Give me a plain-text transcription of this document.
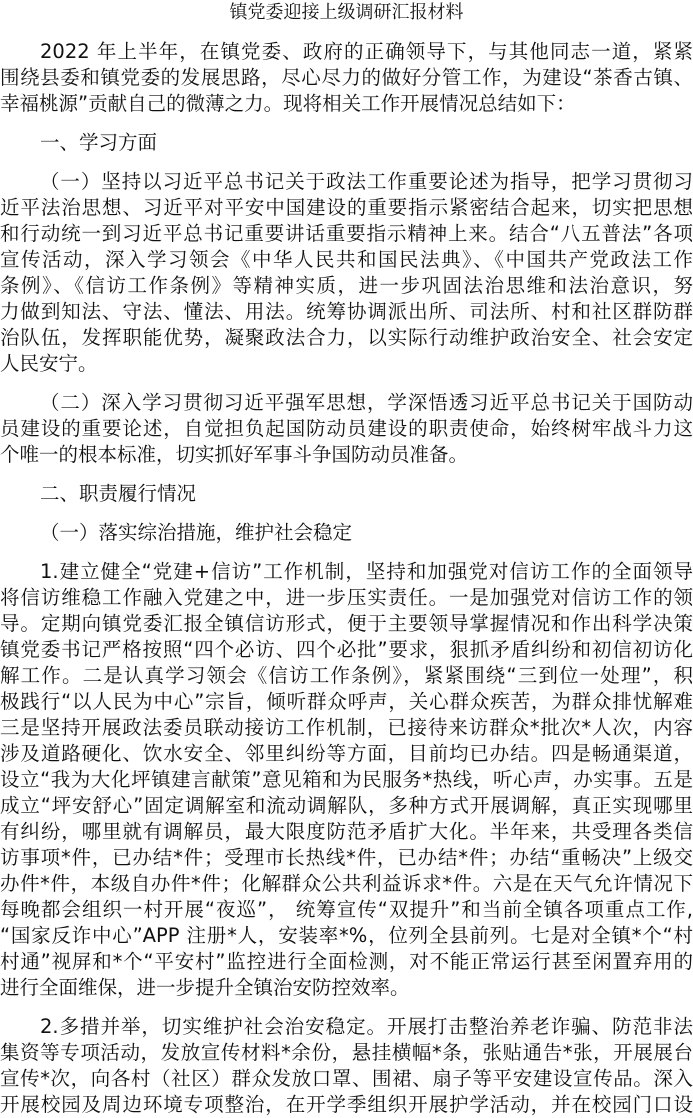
镇党委迎接上级调研汇报材料
2022 年上半年，在镇党委、政府的正确领导下，与其他同志一道，紧紧
围绕县委和镇党委的发展思路，尽心尽力的做好分管工作，为建设“茶香古镇、
幸福桃源”贡献自己的微薄之力。现将相关工作开展情况总结如下：
一、学习方面
（一）坚持以习近平总书记关于政法工作重要论述为指导，把学习贯彻习
近平法治思想、习近平对平安中国建设的重要指示紧密结合起来，切实把思想
和行动统一到习近平总书记重要讲话重要指示精神上来。结合“八五普法”各项
宣传活动，深入学习领会《中华人民共和国民法典》、《中国共产党政法工作
条例》、《信访工作条例》等精神实质，进一步巩固法治思维和法治意识，努
力做到知法、守法、懂法、用法。统筹协调派出所、司法所、村和社区群防群
治队伍，发挥职能优势，凝聚政法合力，以实际行动维护政治安全、社会安定
人民安宁。
（二）深入学习贯彻习近平强军思想，学深悟透习近平总书记关于国防动
员建设的重要论述，自觉担负起国防动员建设的职责使命，始终树牢战斗力这
个唯一的根本标准，切实抓好军事斗争国防动员准备。
二、职责履行情况
（一）落实综治措施，维护社会稳定
1.建立健全“党建+信访”工作机制，坚持和加强党对信访工作的全面领导
将信访维稳工作融入党建之中，进一步压实责任。一是加强党对信访工作的领
导。定期向镇党委汇报全镇信访形式，便于主要领导掌握情况和作出科学决策
镇党委书记严格按照“四个必访、四个必批”要求，狠抓矛盾纠纷和初信初访化
解工作。二是认真学习领会《信访工作条例》，紧紧围绕“三到位一处理”，积
极践行“以人民为中心”宗旨，倾听群众呼声，关心群众疾苦，为群众排忧解难
三是坚持开展政法委员联动接访工作机制，已接待来访群众*批次*人次，内容
涉及道路硬化、饮水安全、邻里纠纷等方面，目前均已办结。四是畅通渠道，
设立“我为大化坪镇建言献策”意见箱和为民服务*热线，听心声，办实事。五是
成立“坪安舒心”固定调解室和流动调解队，多种方式开展调解，真正实现哪里
有纠纷，哪里就有调解员，最大限度防范矛盾扩大化。半年来，共受理各类信
访事项*件，已办结*件；受理市长热线*件，已办结*件；办结“重畅决”上级交
办件*件，本级自办件*件；化解群众公共利益诉求*件。六是在天气允许情况下
每晚都会组织一村开展“夜巡”， 统筹宣传“双提升”和当前全镇各项重点工作,
“国家反诈中心”APP 注册*人，安装率*%，位列全县前列。七是对全镇*个“村
村通”视屏和*个“平安村”监控进行全面检测，对不能正常运行甚至闲置弃用的
进行全面维保，进一步提升全镇治安防控效率。
2.多措并举，切实维护社会治安稳定。开展打击整治养老诈骗、防范非法
集资等专项活动，发放宣传材料*余份，悬挂横幅*条，张贴通告*张，开展展台
宣传*次，向各村（社区）群众发放口罩、围裙、扇子等平安建设宣传品。深入
开展校园及周边环境专项整治，在开学季组织开展护学活动，并在校园门口设
